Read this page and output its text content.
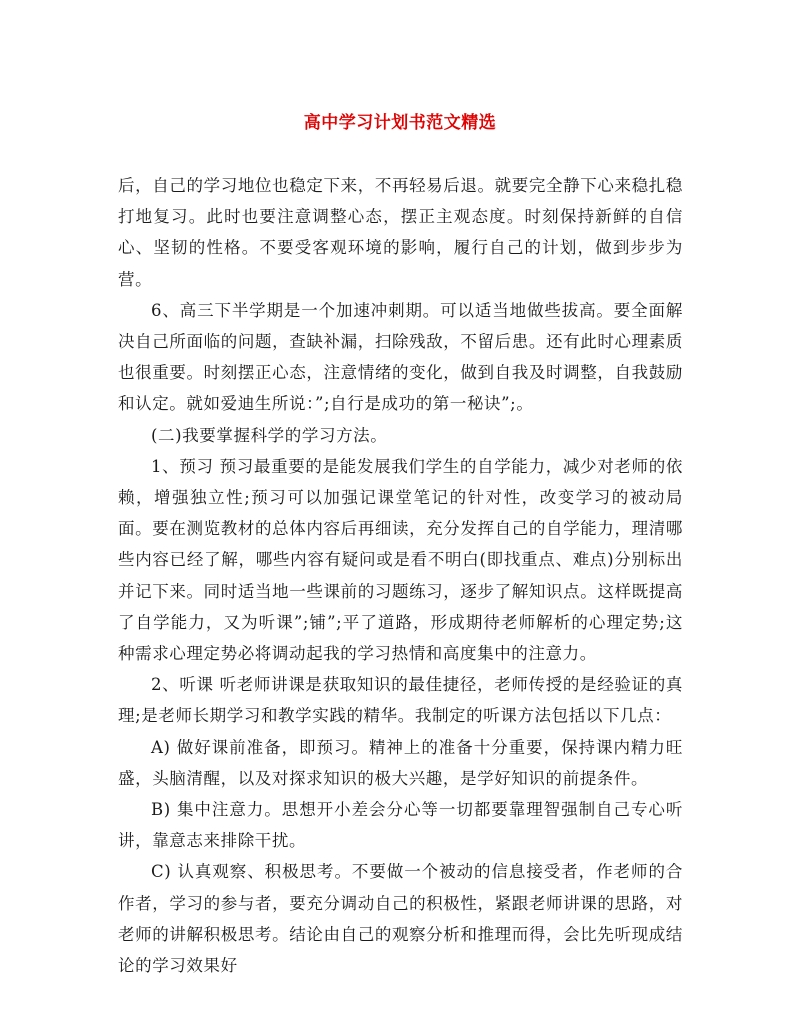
高中学习计划书范文精选

后，自己的学习地位也稳定下来，不再轻易后退。就要完全静下心来稳扎稳打地复习。此时也要注意调整心态，摆正主观态度。时刻保持新鲜的自信心、坚韧的性格。不要受客观环境的影响，履行自己的计划，做到步步为营。

6、高三下半学期是一个加速冲刺期。可以适当地做些拔高。要全面解决自己所面临的问题，查缺补漏，扫除残敌，不留后患。还有此时心理素质也很重要。时刻摆正心态，注意情绪的变化，做到自我及时调整，自我鼓励和认定。就如爱迪生所说：”;自行是成功的第一秘诀”;。

(二)我要掌握科学的学习方法。

1、预习 预习最重要的是能发展我们学生的自学能力，减少对老师的依赖，增强独立性;预习可以加强记课堂笔记的针对性，改变学习的被动局面。要在测览教材的总体内容后再细读，充分发挥自己的自学能力，理清哪些内容已经了解，哪些内容有疑问或是看不明白(即找重点、难点)分别标出并记下来。同时适当地一些课前的习题练习，逐步了解知识点。这样既提高了自学能力，又为听课”;铺”;平了道路，形成期待老师解析的心理定势;这种需求心理定势必将调动起我的学习热情和高度集中的注意力。

2、听课 听老师讲课是获取知识的最佳捷径，老师传授的是经验证的真理;是老师长期学习和教学实践的精华。我制定的听课方法包括以下几点：

A) 做好课前准备，即预习。精神上的准备十分重要，保持课内精力旺盛，头脑清醒，以及对探求知识的极大兴趣，是学好知识的前提条件。

B) 集中注意力。思想开小差会分心等一切都要靠理智强制自己专心听讲，靠意志来排除干扰。

C) 认真观察、积极思考。不要做一个被动的信息接受者，作老师的合作者，学习的参与者，要充分调动自己的积极性，紧跟老师讲课的思路，对老师的讲解积极思考。结论由自己的观察分析和推理而得，会比先听现成结论的学习效果好
